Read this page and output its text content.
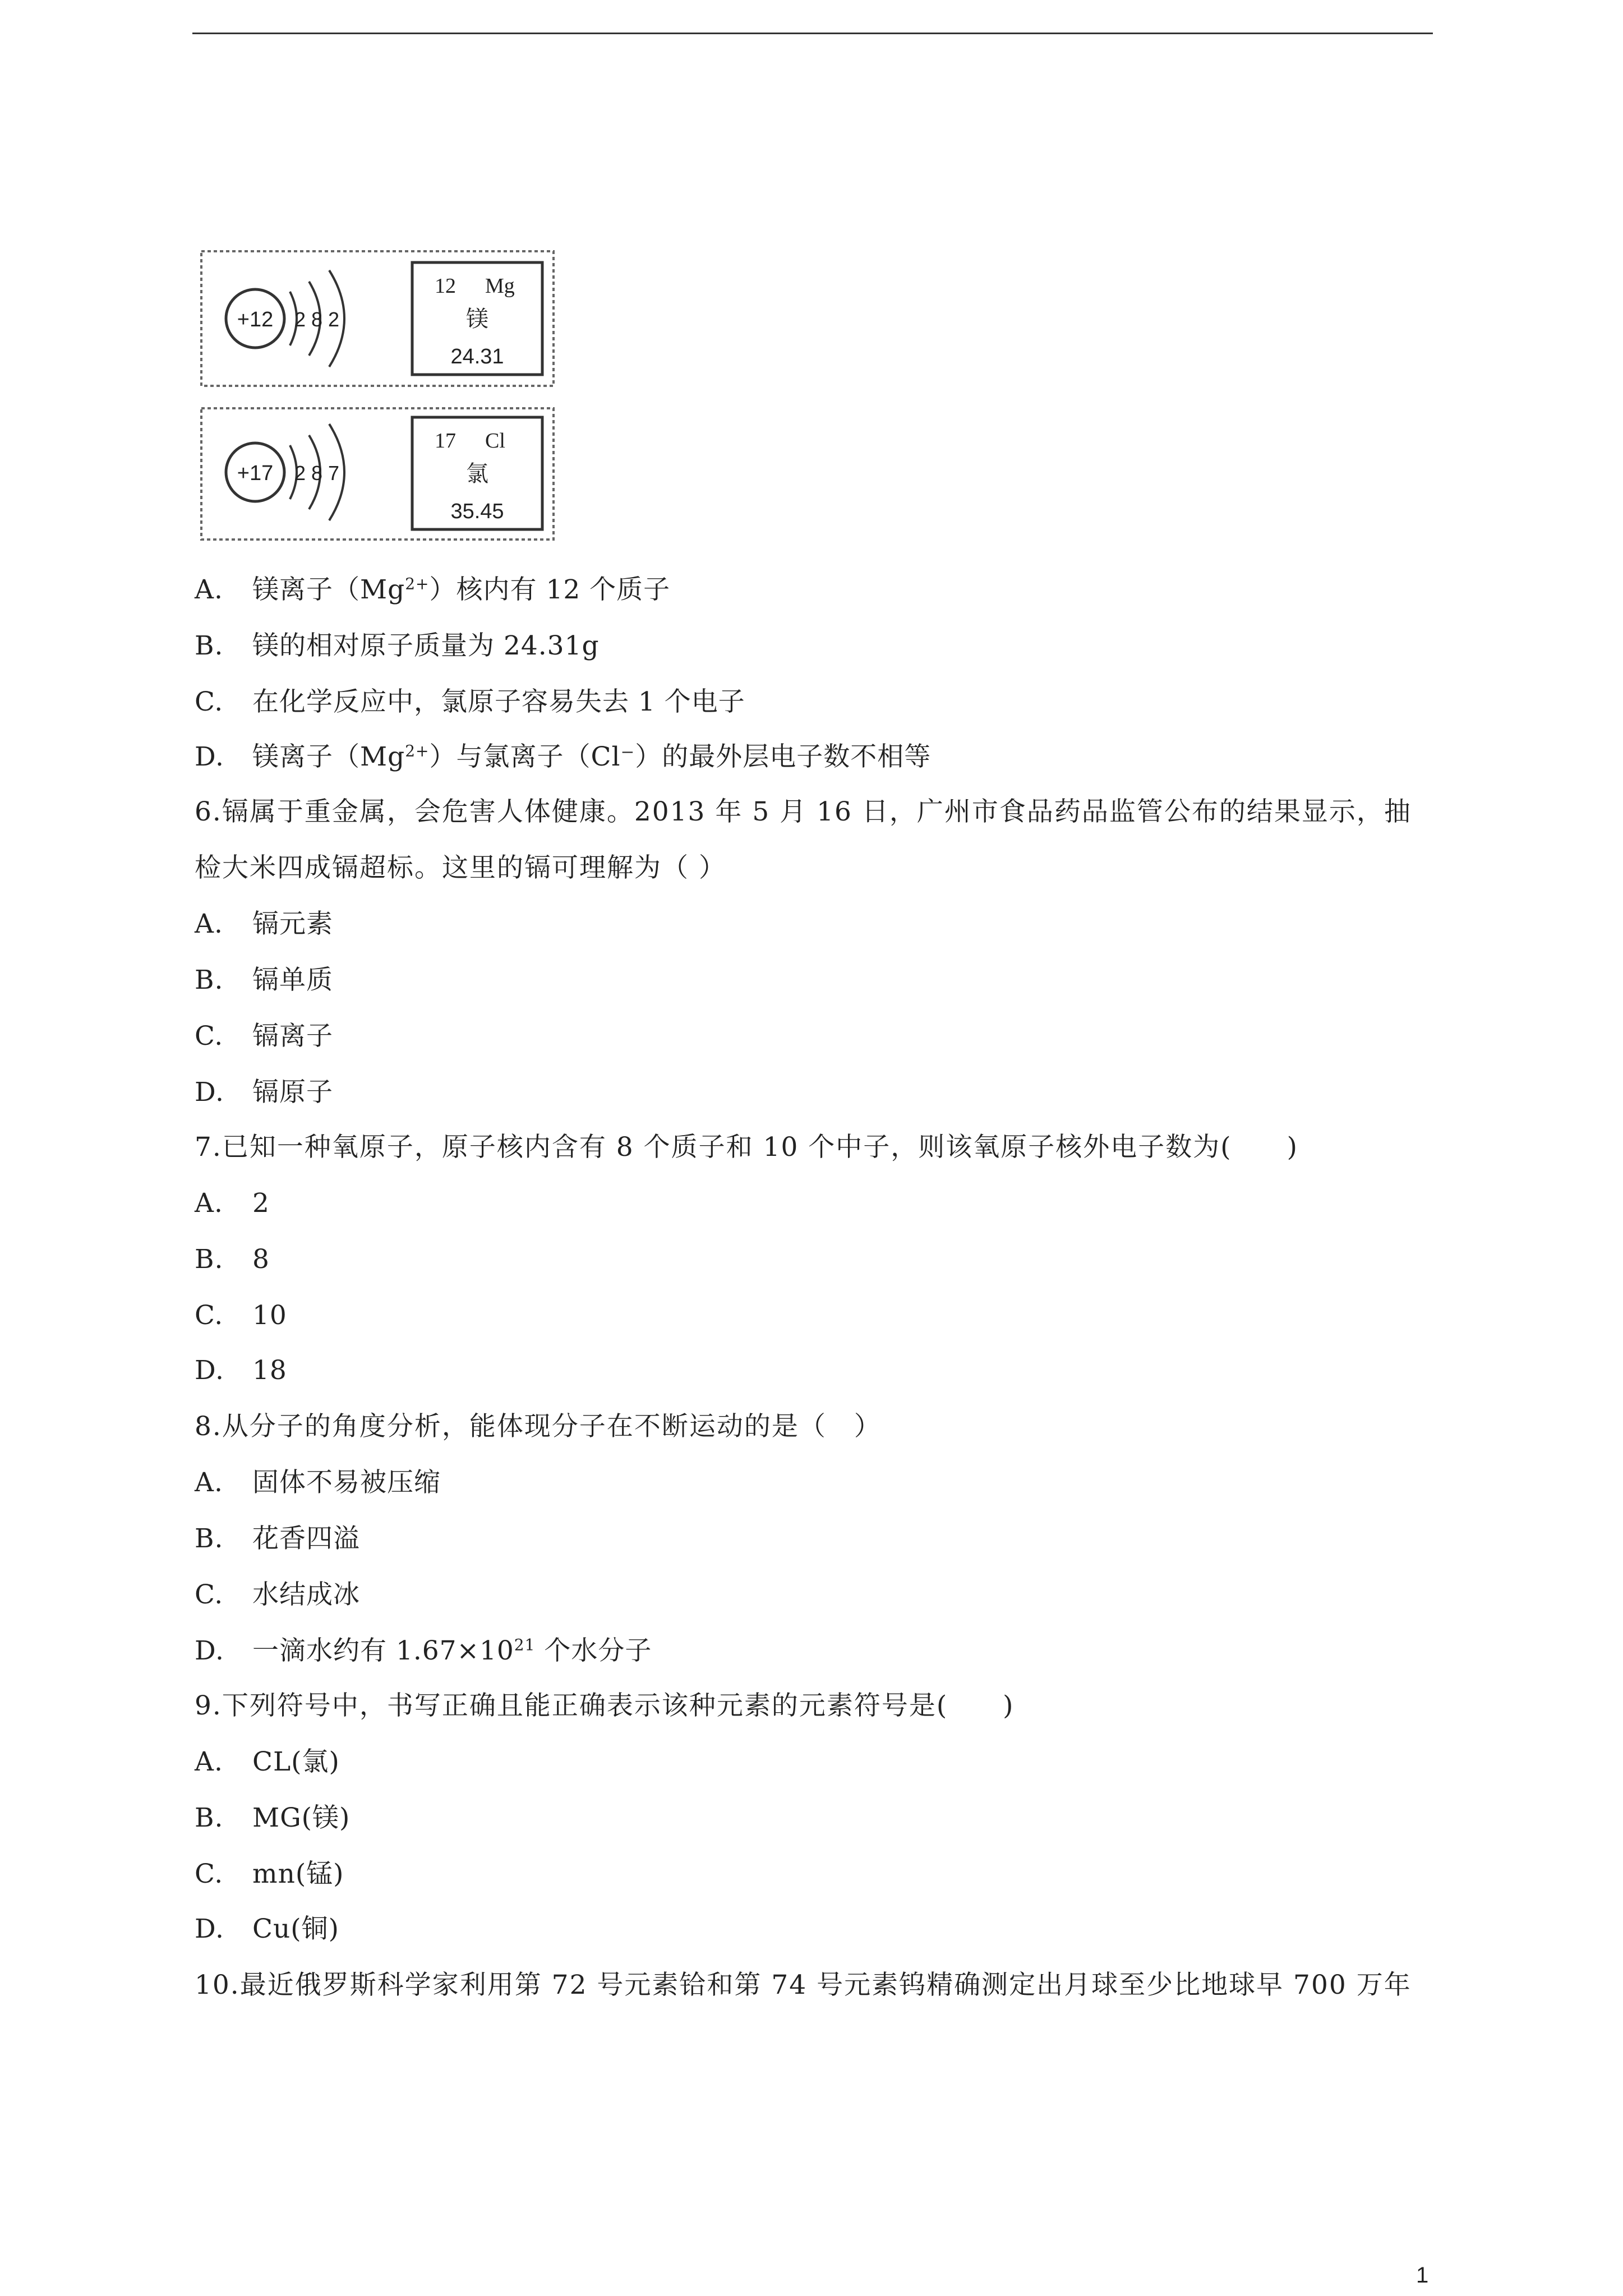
+12 2 8 2
12 Mg
镁
24.31
+17 2 8 7
17 Cl
氯
35.45

A. 镁离子$(Mg^{2+})$核内有 12 个质子

B. 镁的相对原子质量为 24.31g

C. 在化学反应中，氯原子容易失去 1 个电子

D. 镁离子$(Mg^{2+})$与氯离子（Cl⁻）的最外层电子数不相等

6.镉属于重金属，会危害人体健康。2013 年 5 月 16 日，广州市食品药品监管公布的结果显示，抽

检大米四成镉超标。这里的镉可理解为（ ）

A. 镉元素

B. 镉单质

C. 镉离子

D. 镉原子

7.已知一种氧原子，原子核内含有 8 个质子和 10 个中子，则该氧原子核外电子数为(　　)

A. 2

B. 8

C. 10

D. 18

8.从分子的角度分析，能体现分子在不断运动的是（　）

A. 固体不易被压缩

B. 花香四溢

C. 水结成冰

D. 一滴水约有 $1.67\times 10^{21}$ 个水分子

9.下列符号中，书写正确且能正确表示该种元素的元素符号是(　　)

A. CL(氯)

B. MG(镁)

C. mn(锰)

D. Cu(铜)

10.最近俄罗斯科学家利用第 72 号元素铪和第 74 号元素钨精确测定出月球至少比地球早 700 万年

1
